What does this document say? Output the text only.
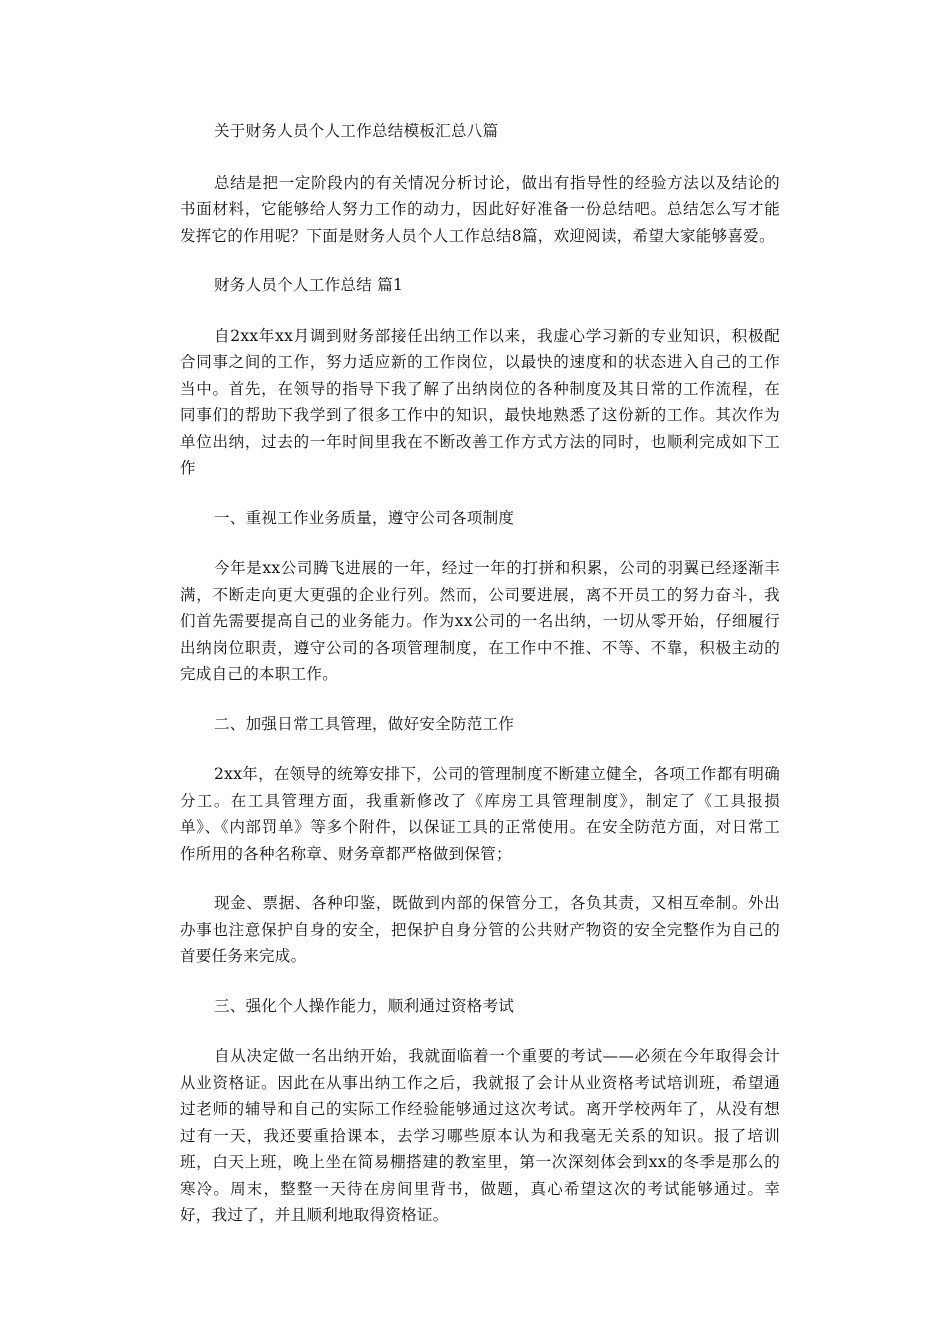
关于财务人员个人工作总结模板汇总八篇

总结是把一定阶段内的有关情况分析讨论，做出有指导性的经验方法以及结论的书面材料，它能够给人努力工作的动力，因此好好准备一份总结吧。总结怎么写才能发挥它的作用呢？下面是财务人员个人工作总结8篇，欢迎阅读，希望大家能够喜爱。

财务人员个人工作总结 篇1

自2xx年xx月调到财务部接任出纳工作以来，我虚心学习新的专业知识，积极配合同事之间的工作，努力适应新的工作岗位，以最快的速度和的状态进入自己的工作当中。首先，在领导的指导下我了解了出纳岗位的各种制度及其日常的工作流程，在同事们的帮助下我学到了很多工作中的知识，最快地熟悉了这份新的工作。其次作为单位出纳，过去的一年时间里我在不断改善工作方式方法的同时，也顺利完成如下工作

一、重视工作业务质量，遵守公司各项制度

今年是xx公司腾飞进展的一年，经过一年的打拼和积累，公司的羽翼已经逐渐丰满，不断走向更大更强的企业行列。然而，公司要进展，离不开员工的努力奋斗，我们首先需要提高自己的业务能力。作为xx公司的一名出纳，一切从零开始，仔细履行出纳岗位职责，遵守公司的各项管理制度，在工作中不推、不等、不靠，积极主动的完成自己的本职工作。

二、加强日常工具管理，做好安全防范工作

2xx年，在领导的统筹安排下，公司的管理制度不断建立健全，各项工作都有明确分工。在工具管理方面，我重新修改了《库房工具管理制度》，制定了《工具报损单》、《内部罚单》等多个附件，以保证工具的正常使用。在安全防范方面，对日常工作所用的各种名称章、财务章都严格做到保管；

现金、票据、各种印鉴，既做到内部的保管分工，各负其责，又相互牵制。外出办事也注意保护自身的安全，把保护自身分管的公共财产物资的安全完整作为自己的首要任务来完成。

三、强化个人操作能力，顺利通过资格考试

自从决定做一名出纳开始，我就面临着一个重要的考试——必须在今年取得会计从业资格证。因此在从事出纳工作之后，我就报了会计从业资格考试培训班，希望通过老师的辅导和自己的实际工作经验能够通过这次考试。离开学校两年了，从没有想过有一天，我还要重拾课本，去学习哪些原本认为和我毫无关系的知识。报了培训班，白天上班，晚上坐在简易棚搭建的教室里，第一次深刻体会到xx的冬季是那么的寒冷。周末，整整一天待在房间里背书，做题，真心希望这次的考试能够通过。幸好，我过了，并且顺利地取得资格证。
